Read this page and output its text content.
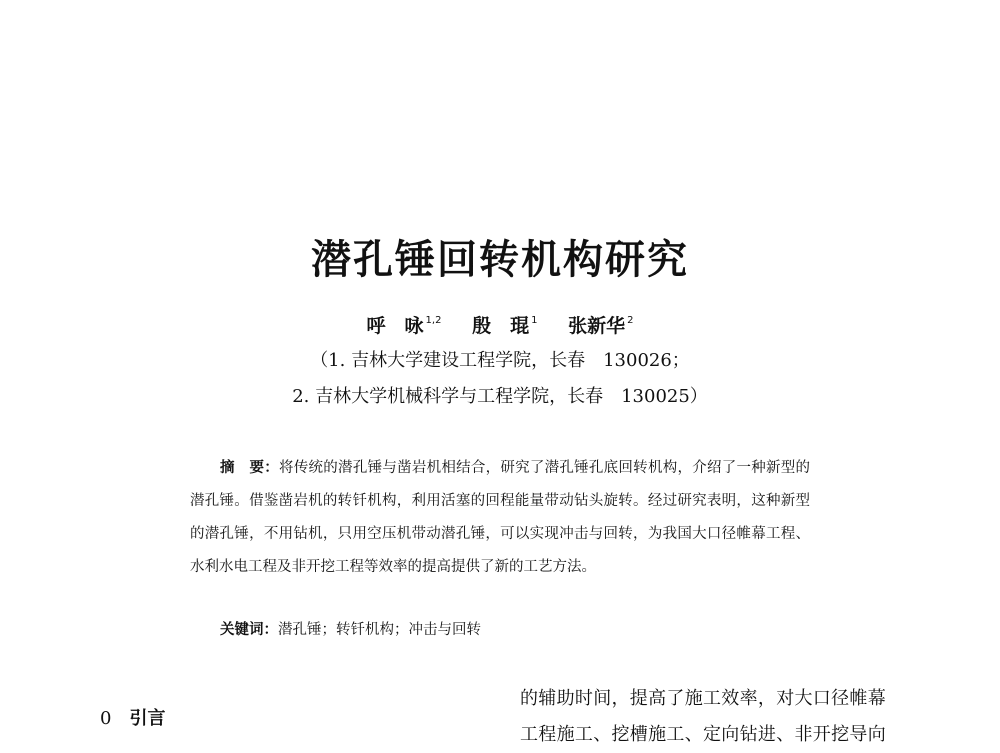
潜孔锤回转机构研究
呼　咏 $^{1,2}$ 殷　琨 $^1$ 张新华 $^2$
（1. 吉林大学建设工程学院，长春　130026；
2. 吉林大学机械科学与工程学院，长春　130025）
摘　要：将传统的潜孔锤与凿岩机相结合，研究了潜孔锤孔底回转机构，介绍了一种新型的潜孔锤。借鉴凿岩机的转钎机构，利用活塞的回程能量带动钻头旋转。经过研究表明，这种新型的潜孔锤，不用钻机，只用空压机带动潜孔锤，可以实现冲击与回转，为我国大口径帷幕工程、水利水电工程及非开挖工程等效率的提高提供了新的工艺方法。
关键词：潜孔锤；转钎机构；冲击与回转
0 引言
的辅助时间，提高了施工效率，对大口径帷幕
工程施工、挖槽施工、定向钻进、非开挖导向
